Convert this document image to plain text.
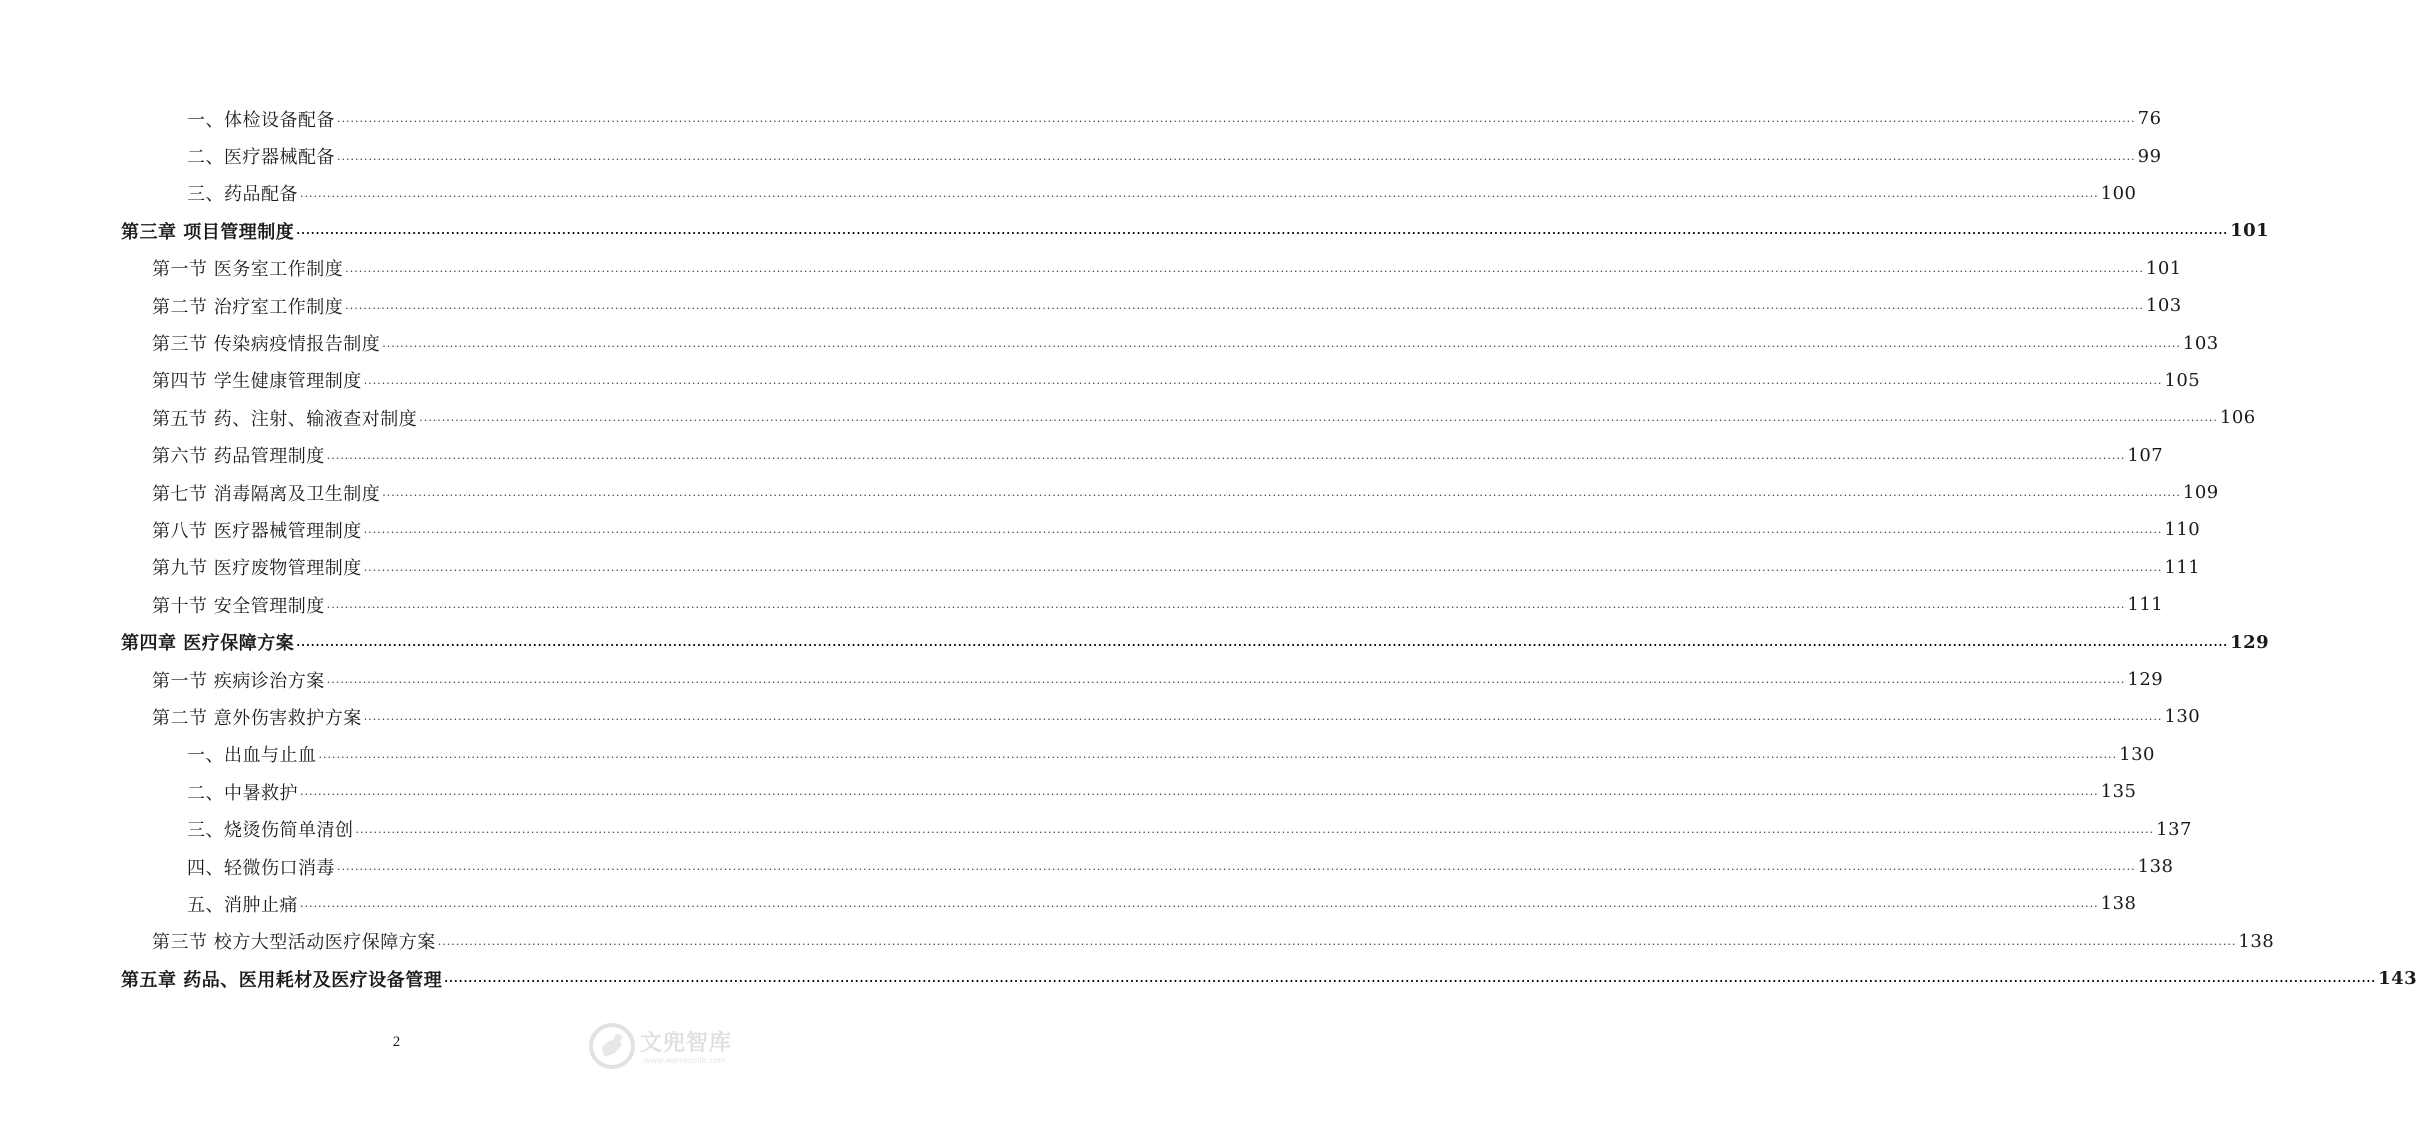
一、体检设备配备 ················································································································································································································································································································································································································ 76
二、医疗器械配备 ················································································································································································································································································································································································································ 99
三、药品配备 ················································································································································································································································································································································································································ 100
第三章 项目管理制度 ················································································································································································································································································································································································································ 101
第一节 医务室工作制度 ················································································································································································································································································································································································································ 101
第二节 治疗室工作制度 ················································································································································································································································································································································································································ 103
第三节 传染病疫情报告制度 ················································································································································································································································································································································································································ 103
第四节 学生健康管理制度 ················································································································································································································································································································································································································ 105
第五节 药、注射、输液查对制度 ················································································································································································································································································································································································································ 106
第六节 药品管理制度 ················································································································································································································································································································································································································ 107
第七节 消毒隔离及卫生制度 ················································································································································································································································································································································································································ 109
第八节 医疗器械管理制度 ················································································································································································································································································································································································································ 110
第九节 医疗废物管理制度 ················································································································································································································································································································································································································ 111
第十节 安全管理制度 ················································································································································································································································································································································································································ 111
第四章 医疗保障方案 ················································································································································································································································································································································································································ 129
第一节 疾病诊治方案 ················································································································································································································································································································································································································ 129
第二节 意外伤害救护方案 ················································································································································································································································································································································································································ 130
一、出血与止血 ················································································································································································································································································································································································································ 130
二、中暑救护 ················································································································································································································································································································································································································ 135
三、烧烫伤简单清创 ················································································································································································································································································································································································································ 137
四、轻微伤口消毒 ················································································································································································································································································································································································································ 138
五、消肿止痛 ················································································································································································································································································································································································································ 138
第三节 校方大型活动医疗保障方案 ················································································································································································································································································································································································································ 138
第五章 药品、医用耗材及医疗设备管理 ················································································································································································································································································································································································································ 143
2	文兜智库
www.wendoulib.com
